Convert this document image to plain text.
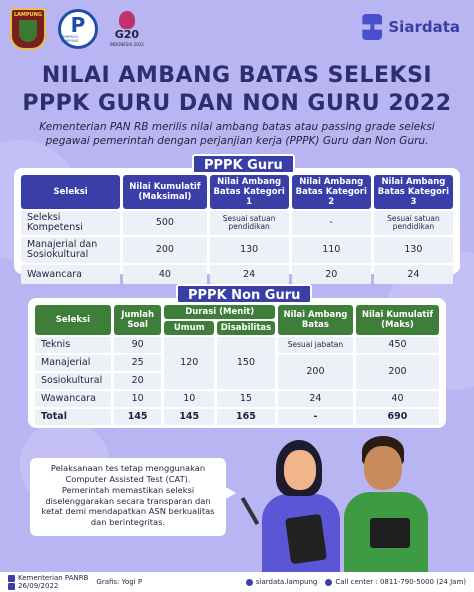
LAMPUNG P
PEMPROV LAMPUNG	G20
INDONESIA 2022
Siardata
NILAI AMBANG BATAS SELEKSI
PPPK GURU DAN NON GURU 2022
Kementerian PAN RB merilis nilai ambang batas atau passing grade seleksi pegawai pemerintah dengan perjanjian kerja (PPPK) Guru dan Non Guru.
Seleksi	Nilai Kumulatif (Maksimal)	Nilai Ambang Batas Kategori 1	Nilai Ambang Batas Kategori 2	Nilai Ambang Batas Kategori 3
Seleksi Kompetensi	500	Sesuai satuan pendidikan	-	Sesuai satuan pendidikan
Manajerial dan Sosiokultural	200	130	110	130
Wawancara	40	24	20	24
PPPK Guru
Seleksi	Jumlah Soal	Durasi (Menit)		Nilai Ambang Batas	Nilai Kumulatif (Maks)
		Umum	Disabilitas		
Teknis	90	120	150	Sesuai jabatan	450
Manajerial	25			200	200
Sosiokultural	20				
Wawancara	10	10	15	24	40
Total	145	145	165	-	690
PPPK Non Guru

Pelaksanaan tes tetap menggunakan Computer Assisted Test (CAT).

Pemerintah memastikan seleksi diselenggarakan secara transparan dan ketat demi mendapatkan ASN berkualitas dan berintegritas.

Kementerian PANRB
26/09/2022	Grafis: Yogi P	siardata.lampung	Call center : 0811-790-5000 (24 Jam)
